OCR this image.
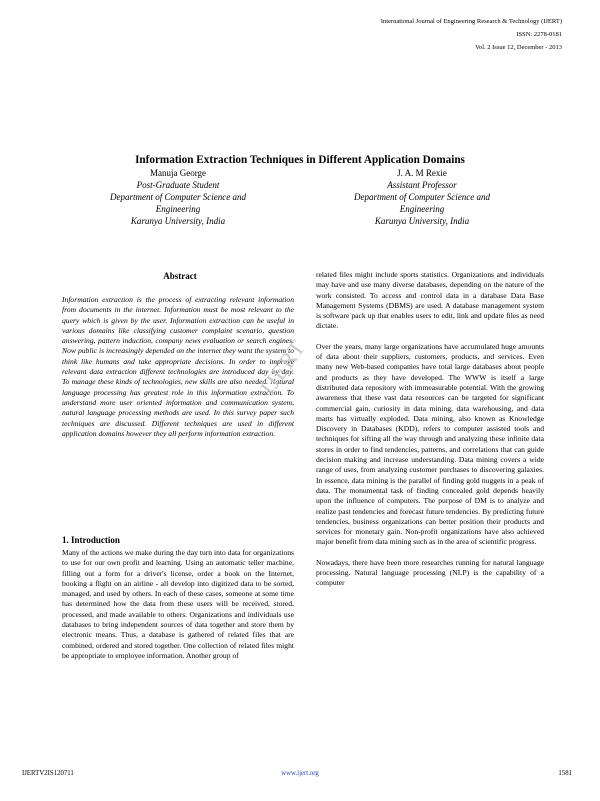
International Journal of Engineering Research & Technology (IJERT)
ISSN: 2278-0181
Vol. 2 Issue 12, December - 2013
Information Extraction Techniques in Different Application Domains
Manuja George
Post-Graduate Student
Department of Computer Science and
Engineering
Karunya University, India
J. A. M Rexie
Assistant Professor
Department of Computer Science and
Engineering
Karunya University, India
Abstract
Information extraction is the process of extracting relevant information from documents in the internet. Information must be most relevant to the query which is given by the user. Information extraction can be useful in various domains like classifying customer complaint scenario, question answering, pattern induction, company news evaluation or search engines. Now public is increasingly depended on the internet they want the system to think like humans and take appropriate decisions. In order to improve relevant data extraction different technologies are introduced day by day. To manage these kinds of technologies, new skills are also needed. Natural language processing has greatest role in this information extraction. To understand more user oriented information and communication system, natural language processing methods are used. In this survey paper such techniques are discussed. Different techniques are used in different application domains however they all perform information extraction.
1. Introduction
Many of the actions we make during the day turn into data for organizations to use for our own profit and learning. Using an automatic teller machine, filling out a form for a driver's license, order a book on the Internet, booking a flight on an airline - all develop into digitized data to be sorted, managed, and used by others. In each of these cases, someone at some time has determined how the data from these users will be received, stored, processed, and made available to others. Organizations and individuals use databases to bring independent sources of data together and store them by electronic means. Thus, a database is gathered of related files that are combined, ordered and stored together. One collection of related files might be appropriate to employee information. Another group of

related files might include sports statistics. Organizations and individuals may have and use many diverse databases, depending on the nature of the work consisted. To access and control data in a database Data Base Management Systems (DBMS) are used. A database management system is software pack up that enables users to edit, link and update files as need dictate.

Over the years, many large organizations have accumulated huge amounts of data about their suppliers, customers, products, and services. Even many new Web-based companies have total large databases about people and products as they have developed. The WWW is itself a large distributed data repository with immeasurable potential. With the growing awareness that these vast data resources can be targeted for significant commercial gain, curiosity in data mining, data warehousing, and data marts has virtually exploded. Data mining, also known as Knowledge Discovery in Databases (KDD), refers to computer assisted tools and techniques for sifting all the way through and analyzing these infinite data stores in order to find tendencies, patterns, and correlations that can guide decision making and increase understanding. Data mining covers a wide range of uses, from analyzing customer purchases to discovering galaxies. In essence, data mining is the parallel of finding gold nuggets in a peak of data. The monumental task of finding concealed gold depends heavily upon the influence of computers. The purpose of DM is to analyze and realize past tendencies and forecast future tendencies. By predicting future tendencies, business organizations can better position their products and services for monetary gain. Non-profit organizations have also achieved major benefit from data mining such as in the area of scientific progress.

Nowadays, there have been more researches running for natural language processing. Natural language processing (NLP) is the capability of a computer

IJERT
IJERTV2IS120711	www.ijert.org	1581
